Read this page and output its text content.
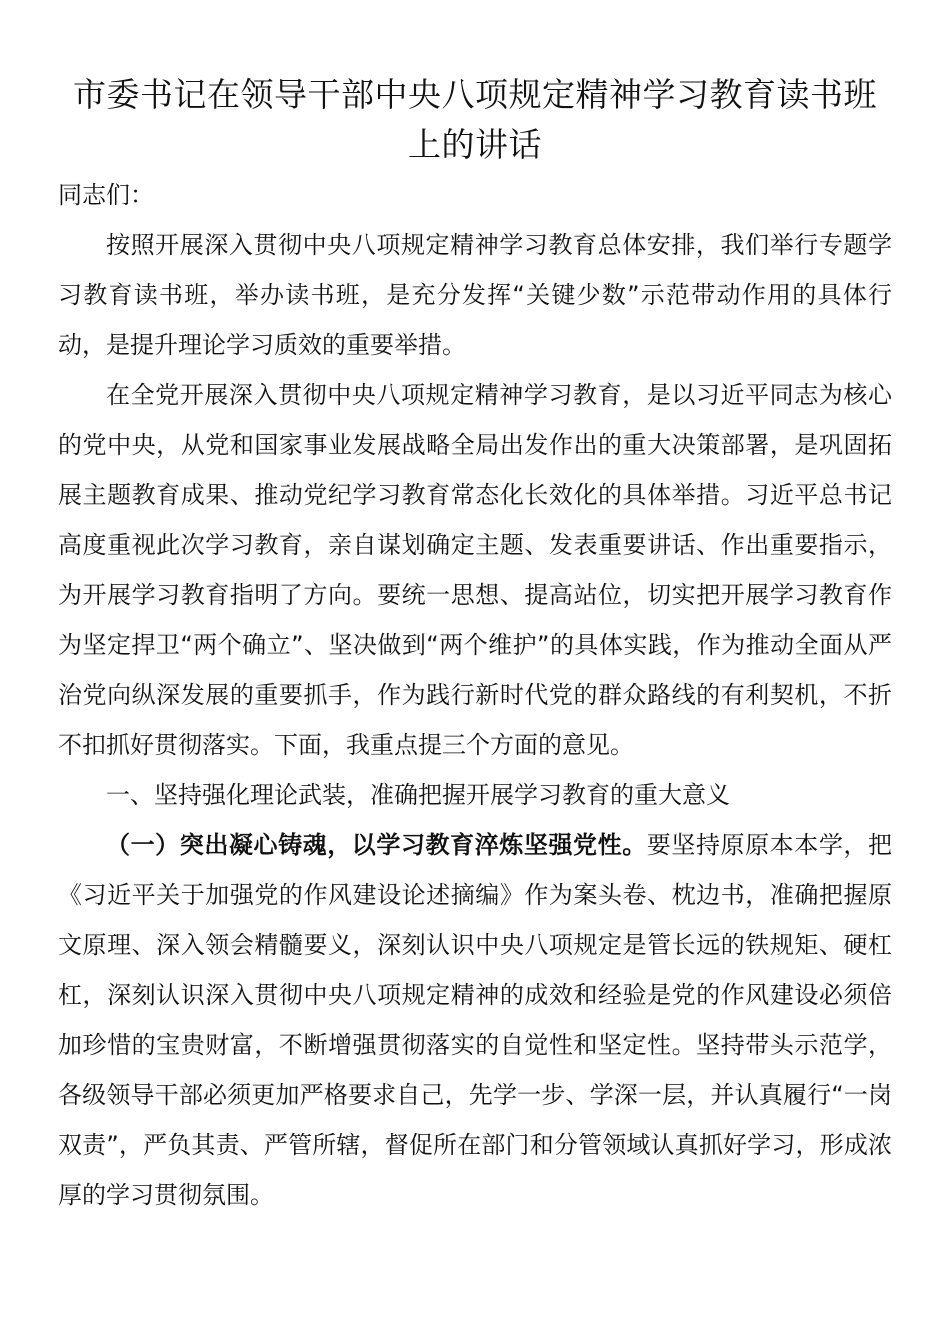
市委书记在领导干部中央八项规定精神学习教育读书班上的讲话

同志们：

按照开展深入贯彻中央八项规定精神学习教育总体安排，我们举行专题学习教育读书班，举办读书班，是充分发挥“关键少数”示范带动作用的具体行动，是提升理论学习质效的重要举措。

在全党开展深入贯彻中央八项规定精神学习教育，是以习近平同志为核心的党中央，从党和国家事业发展战略全局出发作出的重大决策部署，是巩固拓展主题教育成果、推动党纪学习教育常态化长效化的具体举措。习近平总书记高度重视此次学习教育，亲自谋划确定主题、发表重要讲话、作出重要指示，为开展学习教育指明了方向。要统一思想、提高站位，切实把开展学习教育作为坚定捍卫“两个确立”、坚决做到“两个维护”的具体实践，作为推动全面从严治党向纵深发展的重要抓手，作为践行新时代党的群众路线的有利契机，不折不扣抓好贯彻落实。下面，我重点提三个方面的意见。

一、坚持强化理论武装，准确把握开展学习教育的重大意义

（一）突出凝心铸魂，以学习教育淬炼坚强党性。要坚持原原本本学，把《习近平关于加强党的作风建设论述摘编》作为案头卷、枕边书，准确把握原文原理、深入领会精髓要义，深刻认识中央八项规定是管长远的铁规矩、硬杠杠，深刻认识深入贯彻中央八项规定精神的成效和经验是党的作风建设必须倍加珍惜的宝贵财富，不断增强贯彻落实的自觉性和坚定性。坚持带头示范学，各级领导干部必须更加严格要求自己，先学一步、学深一层，并认真履行“一岗双责”，严负其责、严管所辖，督促所在部门和分管领域认真抓好学习，形成浓厚的学习贯彻氛围。
